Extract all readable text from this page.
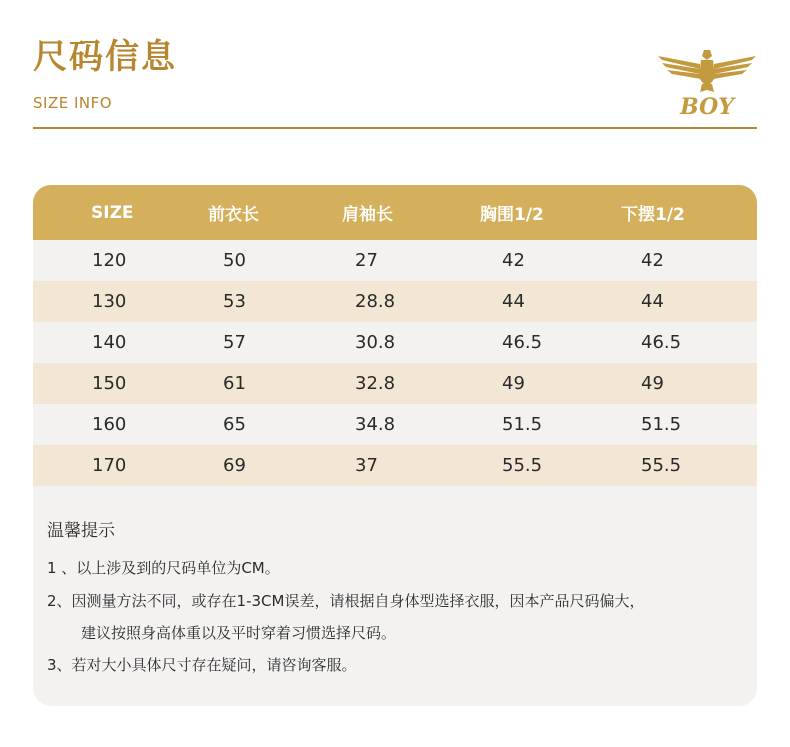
尺码信息
SIZE INFO	BOY
SIZE	前衣长	肩袖长	胸围1/2	下摆1/2
120	50	27	42	42
130	53	28.8	44	44
140	57	30.8	46.5	46.5
150	61	32.8	49	49
160	65	34.8	51.5	51.5
170	69	37	55.5	55.5
温馨提示
1 、以上涉及到的尺码单位为CM。
2、因测量方法不同，或存在1-3CM误差，请根据自身体型选择衣服，因本产品尺码偏大，
建议按照身高体重以及平时穿着习惯选择尺码。
3、若对大小具体尺寸存在疑问，请咨询客服。
